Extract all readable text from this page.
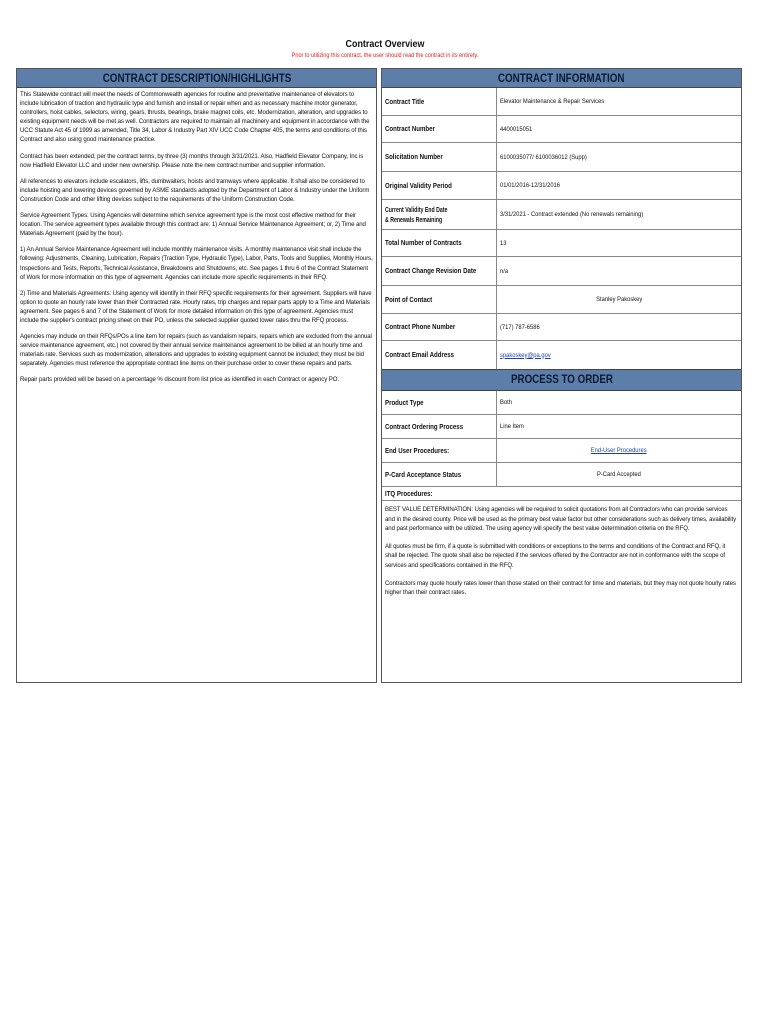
Contract Overview
Prior to utilizing this contract, the user should read the contract in its entirety.
CONTRACT DESCRIPTION/HIGHLIGHTS

This Statewide contract will meet the needs of Commonwealth agencies for routine and preventative maintenance of elevators to include lubrication of traction and hydraulic type and furnish and install or repair when and as necessary machine motor generator, controllers, hoist cables, selectors, wiring, gears, thrusts, bearings, brake magnet coils, etc. Modernization, alteration, and upgrades to existing equipment needs will be met as well. Contractors are required to maintain all machinery and equipment in accordance with the UCC Statute Act 45 of 1999 as amended, Title 34, Labor & Industry Part XIV UCC Code Chapter 405, the terms and conditions of this Contract and also using good maintenance practice.

Contract has been extended, per the contract terms, by three (3) months through 3/31/2021. Also, Hadfield Elevator Company, Inc is now Hadfield Elevator LLC and under new ownership. Please note the new contract number and supplier information.

All references to elevators include escalators, lifts, dumbwaiters, hoists and tramways where applicable. It shall also be considered to include hoisting and lowering devices governed by ASME standards adopted by the Department of Labor & Industry under the Uniform Construction Code and other lifting devices subject to the requirements of the Uniform Construction Code.

Service Agreement Types: Using Agencies will determine which service agreement type is the most cost effective method for their location. The service agreement types available through this contract are: 1) Annual Service Maintenance Agreement; or, 2) Time and Materials Agreement (paid by the hour).

1) An Annual Service Maintenance Agreement will include monthly maintenance visits. A monthly maintenance visit shall include the following: Adjustments, Cleaning, Lubrication, Repairs (Traction Type, Hydraulic Type), Labor, Parts, Tools and Supplies, Monthly Hours, Inspections and Tests, Reports, Technical Assistance, Breakdowns and Shutdowns, etc. See pages 1 thru 6 of the Contract Statement of Work for more information on this type of agreement. Agencies can include more specific requirements in their RFQ.

2) Time and Materials Agreements: Using agency will identify in their RFQ specific requirements for their agreement. Suppliers will have option to quote an hourly rate lower than their Contracted rate. Hourly rates, trip charges and repair parts apply to a Time and Materials agreement. See pages 6 and 7 of the Statement of Work for more detailed information on this type of agreement. Agencies must include the supplier's contract pricing sheet on their PO, unless the selected supplier quoted lower rates thru the RFQ process.

Agencies may include on their RFQs/POs a line item for repairs (such as vandalism repairs, repairs which are excluded from the annual service maintenance agreement, etc.) not covered by their annual service maintenance agreement to be billed at an hourly time and materials rate. Services such as modernization, alterations and upgrades to existing equipment cannot be included; they must be bid separately. Agencies must reference the appropriate contract line items on their purchase order to cover these repairs and parts.

Repair parts provided will be based on a percentage % discount from list price as identified in each Contract or agency PO.

CONTRACT INFORMATION
Contract Title	Elevator Maintenance & Repair Services
Contract Number	4400015051
Solicitation Number	6100035077/ 6100036012 (Supp)
Original Validity Period	01/01/2016-12/31/2016
Current Validity End Date
& Renewals Remaining	3/31/2021 - Contract extended (No renewals remaining)
Total Number of Contracts	13
Contract Change Revision Date	n/a
Point of Contact	Stanley Pakoskey
Contract Phone Number	(717) 787-6586
Contract Email Address	spakoskey@pa.gov
PROCESS TO ORDER
Product Type	Both
Contract Ordering Process	Line Item
End User Procedures:	End-User Procedures
P-Card Acceptance Status	P-Card Accepted
ITQ Procedures:

BEST VALUE DETERMINATION: Using agencies will be required to solicit quotations from all Contractors who can provide services and in the desired county. Price will be used as the primary best value factor but other considerations such as delivery times, availability and past performance with be utilized. The using agency will specify the best value determination criteria on the RFQ.

All quotes must be firm, if a quote is submitted with conditions or exceptions to the terms and conditions of the Contract and RFQ, it shall be rejected. The quote shall also be rejected if the services offered by the Contractor are not in conformance with the scope of services and specifications contained in the RFQ.

Contractors may quote hourly rates lower than those stated on their contract for time and materials, but they may not quote hourly rates higher than their contract rates.
